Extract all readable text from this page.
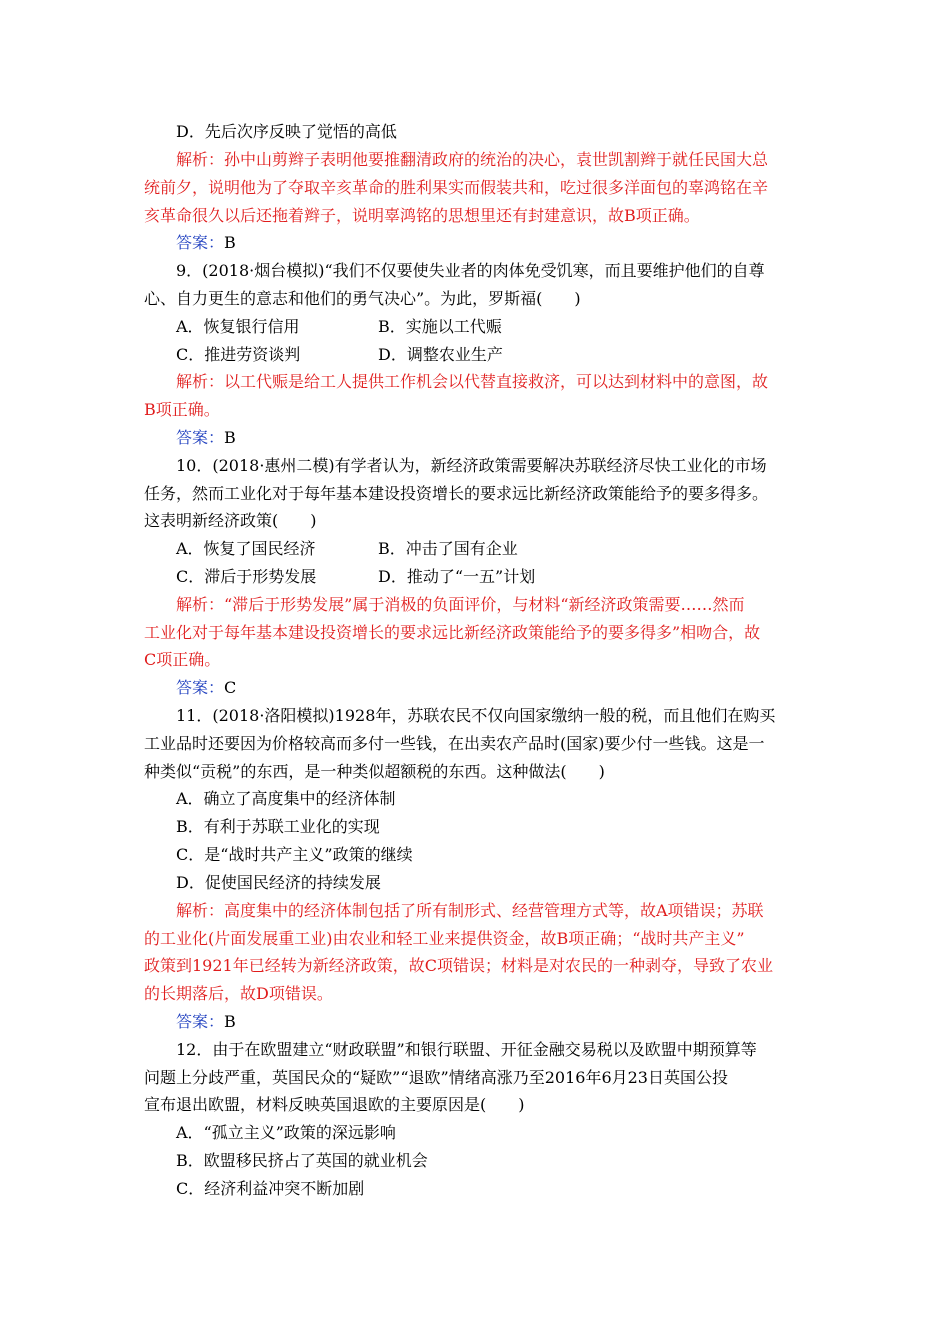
D．先后次序反映了觉悟的高低
解析：孙中山剪辫子表明他要推翻清政府的统治的决心，袁世凯割辫于就任民国大总
统前夕，说明他为了夺取辛亥革命的胜利果实而假装共和，吃过很多洋面包的辜鸿铭在辛
亥革命很久以后还拖着辫子，说明辜鸿铭的思想里还有封建意识，故B项正确。
答案：B
9．(2018·烟台模拟)“我们不仅要使失业者的肉体免受饥寒，而且要维护他们的自尊
心、自力更生的意志和他们的勇气决心”。为此，罗斯福(　　)
A．恢复银行信用	B．实施以工代赈
C．推进劳资谈判	D．调整农业生产
解析：以工代赈是给工人提供工作机会以代替直接救济，可以达到材料中的意图，故
B项正确。
答案：B
10．(2018·惠州二模)有学者认为，新经济政策需要解决苏联经济尽快工业化的市场
任务，然而工业化对于每年基本建设投资增长的要求远比新经济政策能给予的要多得多。
这表明新经济政策(　　)
A．恢复了国民经济	B．冲击了国有企业
C．滞后于形势发展	D．推动了“一五”计划
解析：“滞后于形势发展”属于消极的负面评价，与材料“新经济政策需要……然而
工业化对于每年基本建设投资增长的要求远比新经济政策能给予的要多得多”相吻合，故
C项正确。
答案：C
11．(2018·洛阳模拟)1928年，苏联农民不仅向国家缴纳一般的税，而且他们在购买
工业品时还要因为价格较高而多付一些钱，在出卖农产品时(国家)要少付一些钱。这是一
种类似“贡税”的东西，是一种类似超额税的东西。这种做法(　　)
A．确立了高度集中的经济体制
B．有利于苏联工业化的实现
C．是“战时共产主义”政策的继续
D．促使国民经济的持续发展
解析：高度集中的经济体制包括了所有制形式、经营管理方式等，故A项错误；苏联
的工业化(片面发展重工业)由农业和轻工业来提供资金，故B项正确；“战时共产主义”
政策到1921年已经转为新经济政策，故C项错误；材料是对农民的一种剥夺，导致了农业
的长期落后，故D项错误。
答案：B
12．由于在欧盟建立“财政联盟”和银行联盟、开征金融交易税以及欧盟中期预算等
问题上分歧严重，英国民众的“疑欧”“退欧”情绪高涨乃至2016年6月23日英国公投
宣布退出欧盟，材料反映英国退欧的主要原因是(　　)
A．“孤立主义”政策的深远影响
B．欧盟移民挤占了英国的就业机会
C．经济利益冲突不断加剧
